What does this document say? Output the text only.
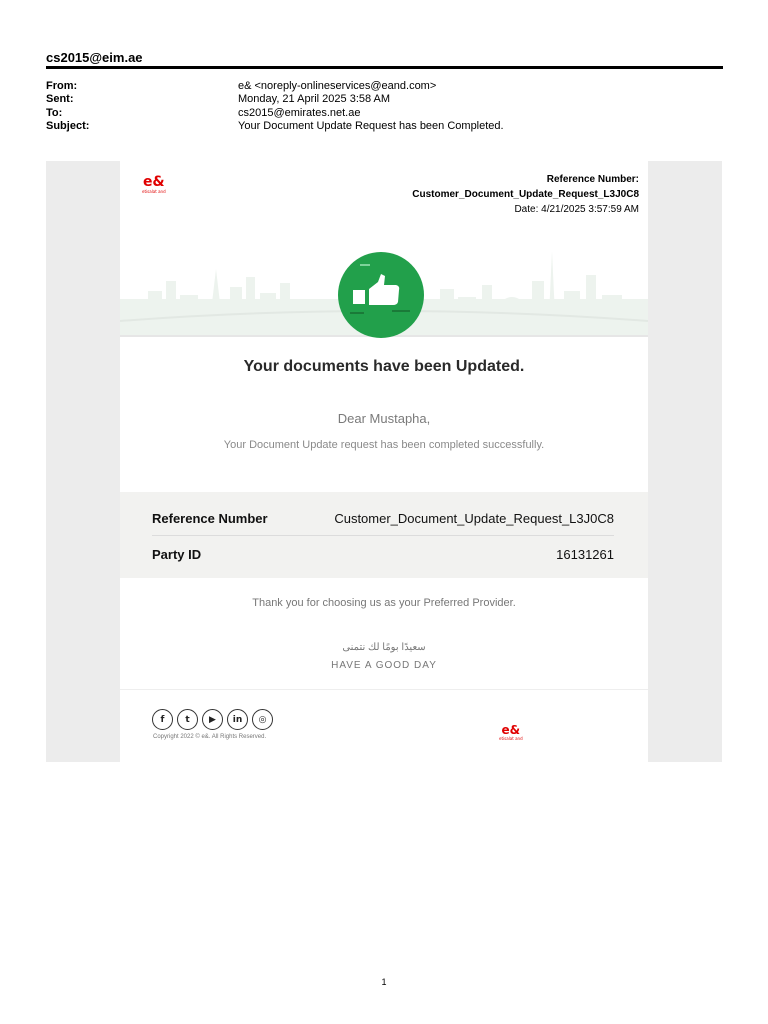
cs2015@eim.ae
From:	e& <noreply-onlineservices@eand.com>
Sent:	Monday, 21 April 2025 3:58 AM
To:	cs2015@emirates.net.ae
Subject:	Your Document Update Request has been Completed.
e&
etisalat and
Reference Number:
Customer_Document_Update_Request_L3J0C8
Date: 4/21/2025 3:57:59 AM
Your documents have been Updated.
Dear Mustapha,
Your Document Update request has been completed successfully.
Reference Number	Customer_Document_Update_Request_L3J0C8
Party ID	16131261
Thank you for choosing us as your Preferred Provider.
سعيدًا بومًا لك نتمنى
HAVE A GOOD DAY
f	t	▶	in	◎
Copyright 2022 © e&. All Rights Reserved.	e&
etisalat and
1
